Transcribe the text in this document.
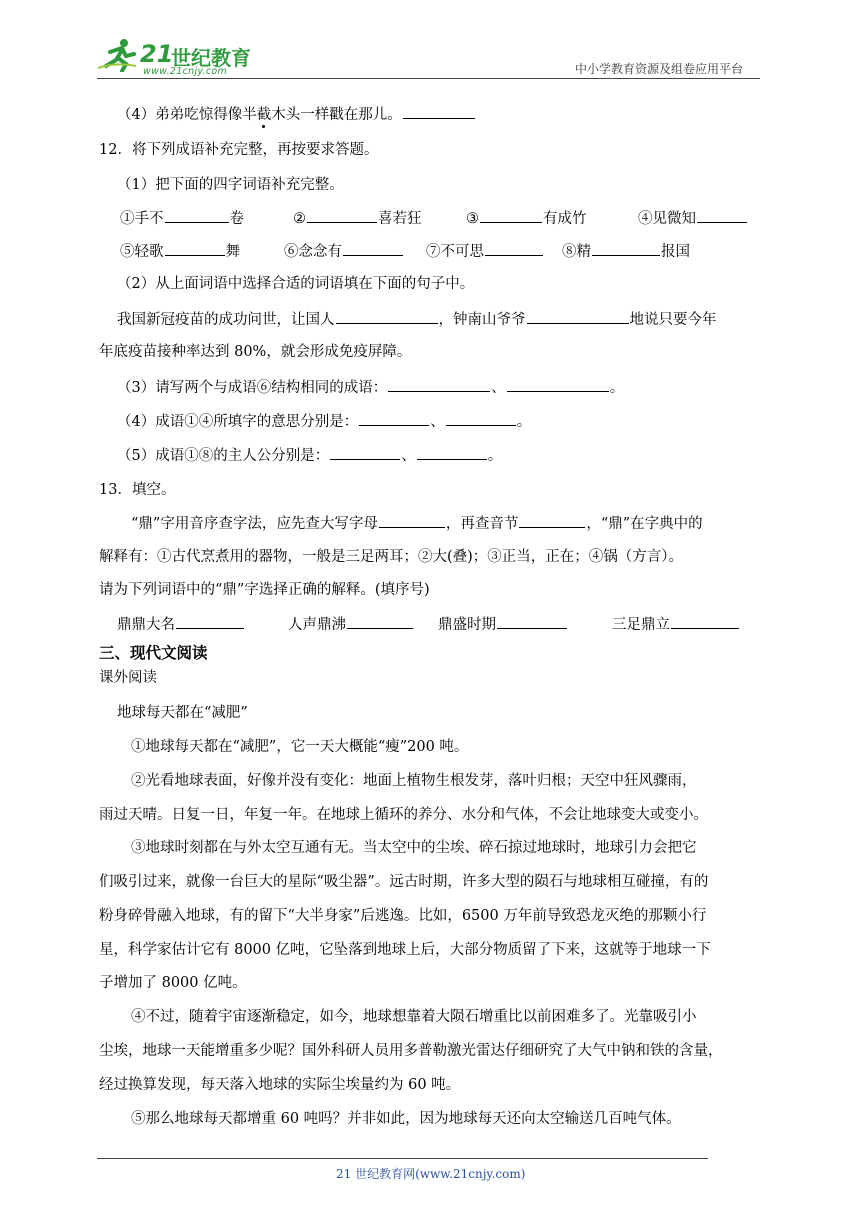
21
世纪教育
www.21cnjy.com	中小学教育资源及组卷应用平台
（4）弟弟吃惊得像半截木头一样戳在那儿。
12．将下列成语补充完整，再按要求答题。
（1）把下面的四字词语补充完整。
①手不	卷	②	喜若狂	③	有成竹	④见微知
⑤轻歌	舞	⑥念念有	⑦不可思	⑧精	报国
（2）从上面词语中选择合适的词语填在下面的句子中。
我国新冠疫苗的成功问世，让国人	，钟南山爷爷	地说只要今年
年底疫苗接种率达到 80%，就会形成免疫屏障。
（3）请写两个与成语⑥结构相同的成语：	、	。
（4）成语①④所填字的意思分别是：	、	。
（5）成语①⑧的主人公分别是：	、	。
13．填空。
“鼎”字用音序查字法，应先查大写字母	，再查音节	，“鼎”在字典中的
解释有：①古代烹煮用的器物，一般是三足两耳；②大(叠)；③正当，正在；④锅（方言）。
请为下列词语中的“鼎”字选择正确的解释。(填序号)
鼎鼎大名	人声鼎沸	鼎盛时期	三足鼎立
三、现代文阅读
课外阅读
地球每天都在“减肥”
①地球每天都在“减肥”，它一天大概能“瘦”200 吨。
②光看地球表面，好像并没有变化：地面上植物生根发芽，落叶归根；天空中狂风骤雨，
雨过天晴。日复一日，年复一年。在地球上循环的养分、水分和气体，不会让地球变大或变小。
③地球时刻都在与外太空互通有无。当太空中的尘埃、碎石掠过地球时，地球引力会把它
们吸引过来，就像一台巨大的星际“吸尘器”。远古时期，许多大型的陨石与地球相互碰撞，有的
粉身碎骨融入地球，有的留下“大半身家”后逃逸。比如，6500 万年前导致恐龙灭绝的那颗小行
星，科学家估计它有 8000 亿吨，它坠落到地球上后，大部分物质留了下来，这就等于地球一下
子增加了 8000 亿吨。
④不过，随着宇宙逐渐稳定，如今，地球想靠着大陨石增重比以前困难多了。光靠吸引小
尘埃，地球一天能增重多少呢？国外科研人员用多普勒激光雷达仔细研究了大气中钠和铁的含量，
经过换算发现，每天落入地球的实际尘埃量约为 60 吨。
⑤那么地球每天都增重 60 吨吗？并非如此，因为地球每天还向太空输送几百吨气体。
21 世纪教育网(www.21cnjy.com)
